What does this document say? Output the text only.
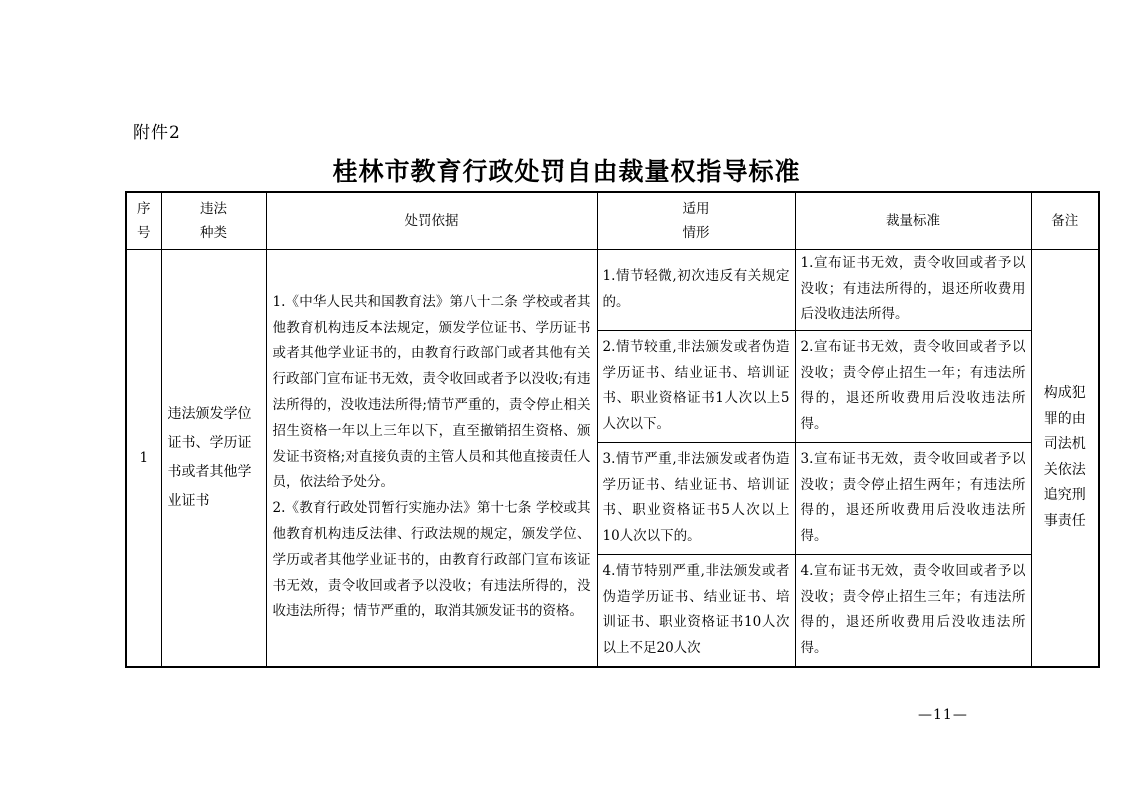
附件2
桂林市教育行政处罚自由裁量权指导标准
序号	违法种类	处罚依据	适用情形	裁量标准	备注
1	违法颁发学位证书、学历证书或者其他学业证书	1.《中华人民共和国教育法》第八十二条 学校或者其他教育机构违反本法规定，颁发学位证书、学历证书或者其他学业证书的，由教育行政部门或者其他有关行政部门宣布证书无效，责令收回或者予以没收;有违法所得的，没收违法所得;情节严重的，责令停止相关招生资格一年以上三年以下，直至撤销招生资格、颁发证书资格;对直接负责的主管人员和其他直接责任人员，依法给予处分。
2.《教育行政处罚暂行实施办法》第十七条 学校或其他教育机构违反法律、行政法规的规定，颁发学位、学历或者其他学业证书的，由教育行政部门宣布该证书无效，责令收回或者予以没收；有违法所得的，没收违法所得；情节严重的，取消其颁发证书的资格。	1.情节轻微,初次违反有关规定的。	1.宣布证书无效，责令收回或者予以没收；有违法所得的，退还所收费用后没收违法所得。	构成犯罪的由司法机关依法追究刑事责任
			2.情节较重,非法颁发或者伪造学历证书、结业证书、培训证书、职业资格证书1人次以上5人次以下。	2.宣布证书无效，责令收回或者予以没收；责令停止招生一年；有违法所得的，退还所收费用后没收违法所得。	
			3.情节严重,非法颁发或者伪造学历证书、结业证书、培训证书、职业资格证书5人次以上10人次以下的。	3.宣布证书无效，责令收回或者予以没收；责令停止招生两年；有违法所得的，退还所收费用后没收违法所得。	
			4.情节特别严重,非法颁发或者伪造学历证书、结业证书、培训证书、职业资格证书10人次以上不足20人次	4.宣布证书无效，责令收回或者予以没收；责令停止招生三年；有违法所得的，退还所收费用后没收违法所得。	
—11—
